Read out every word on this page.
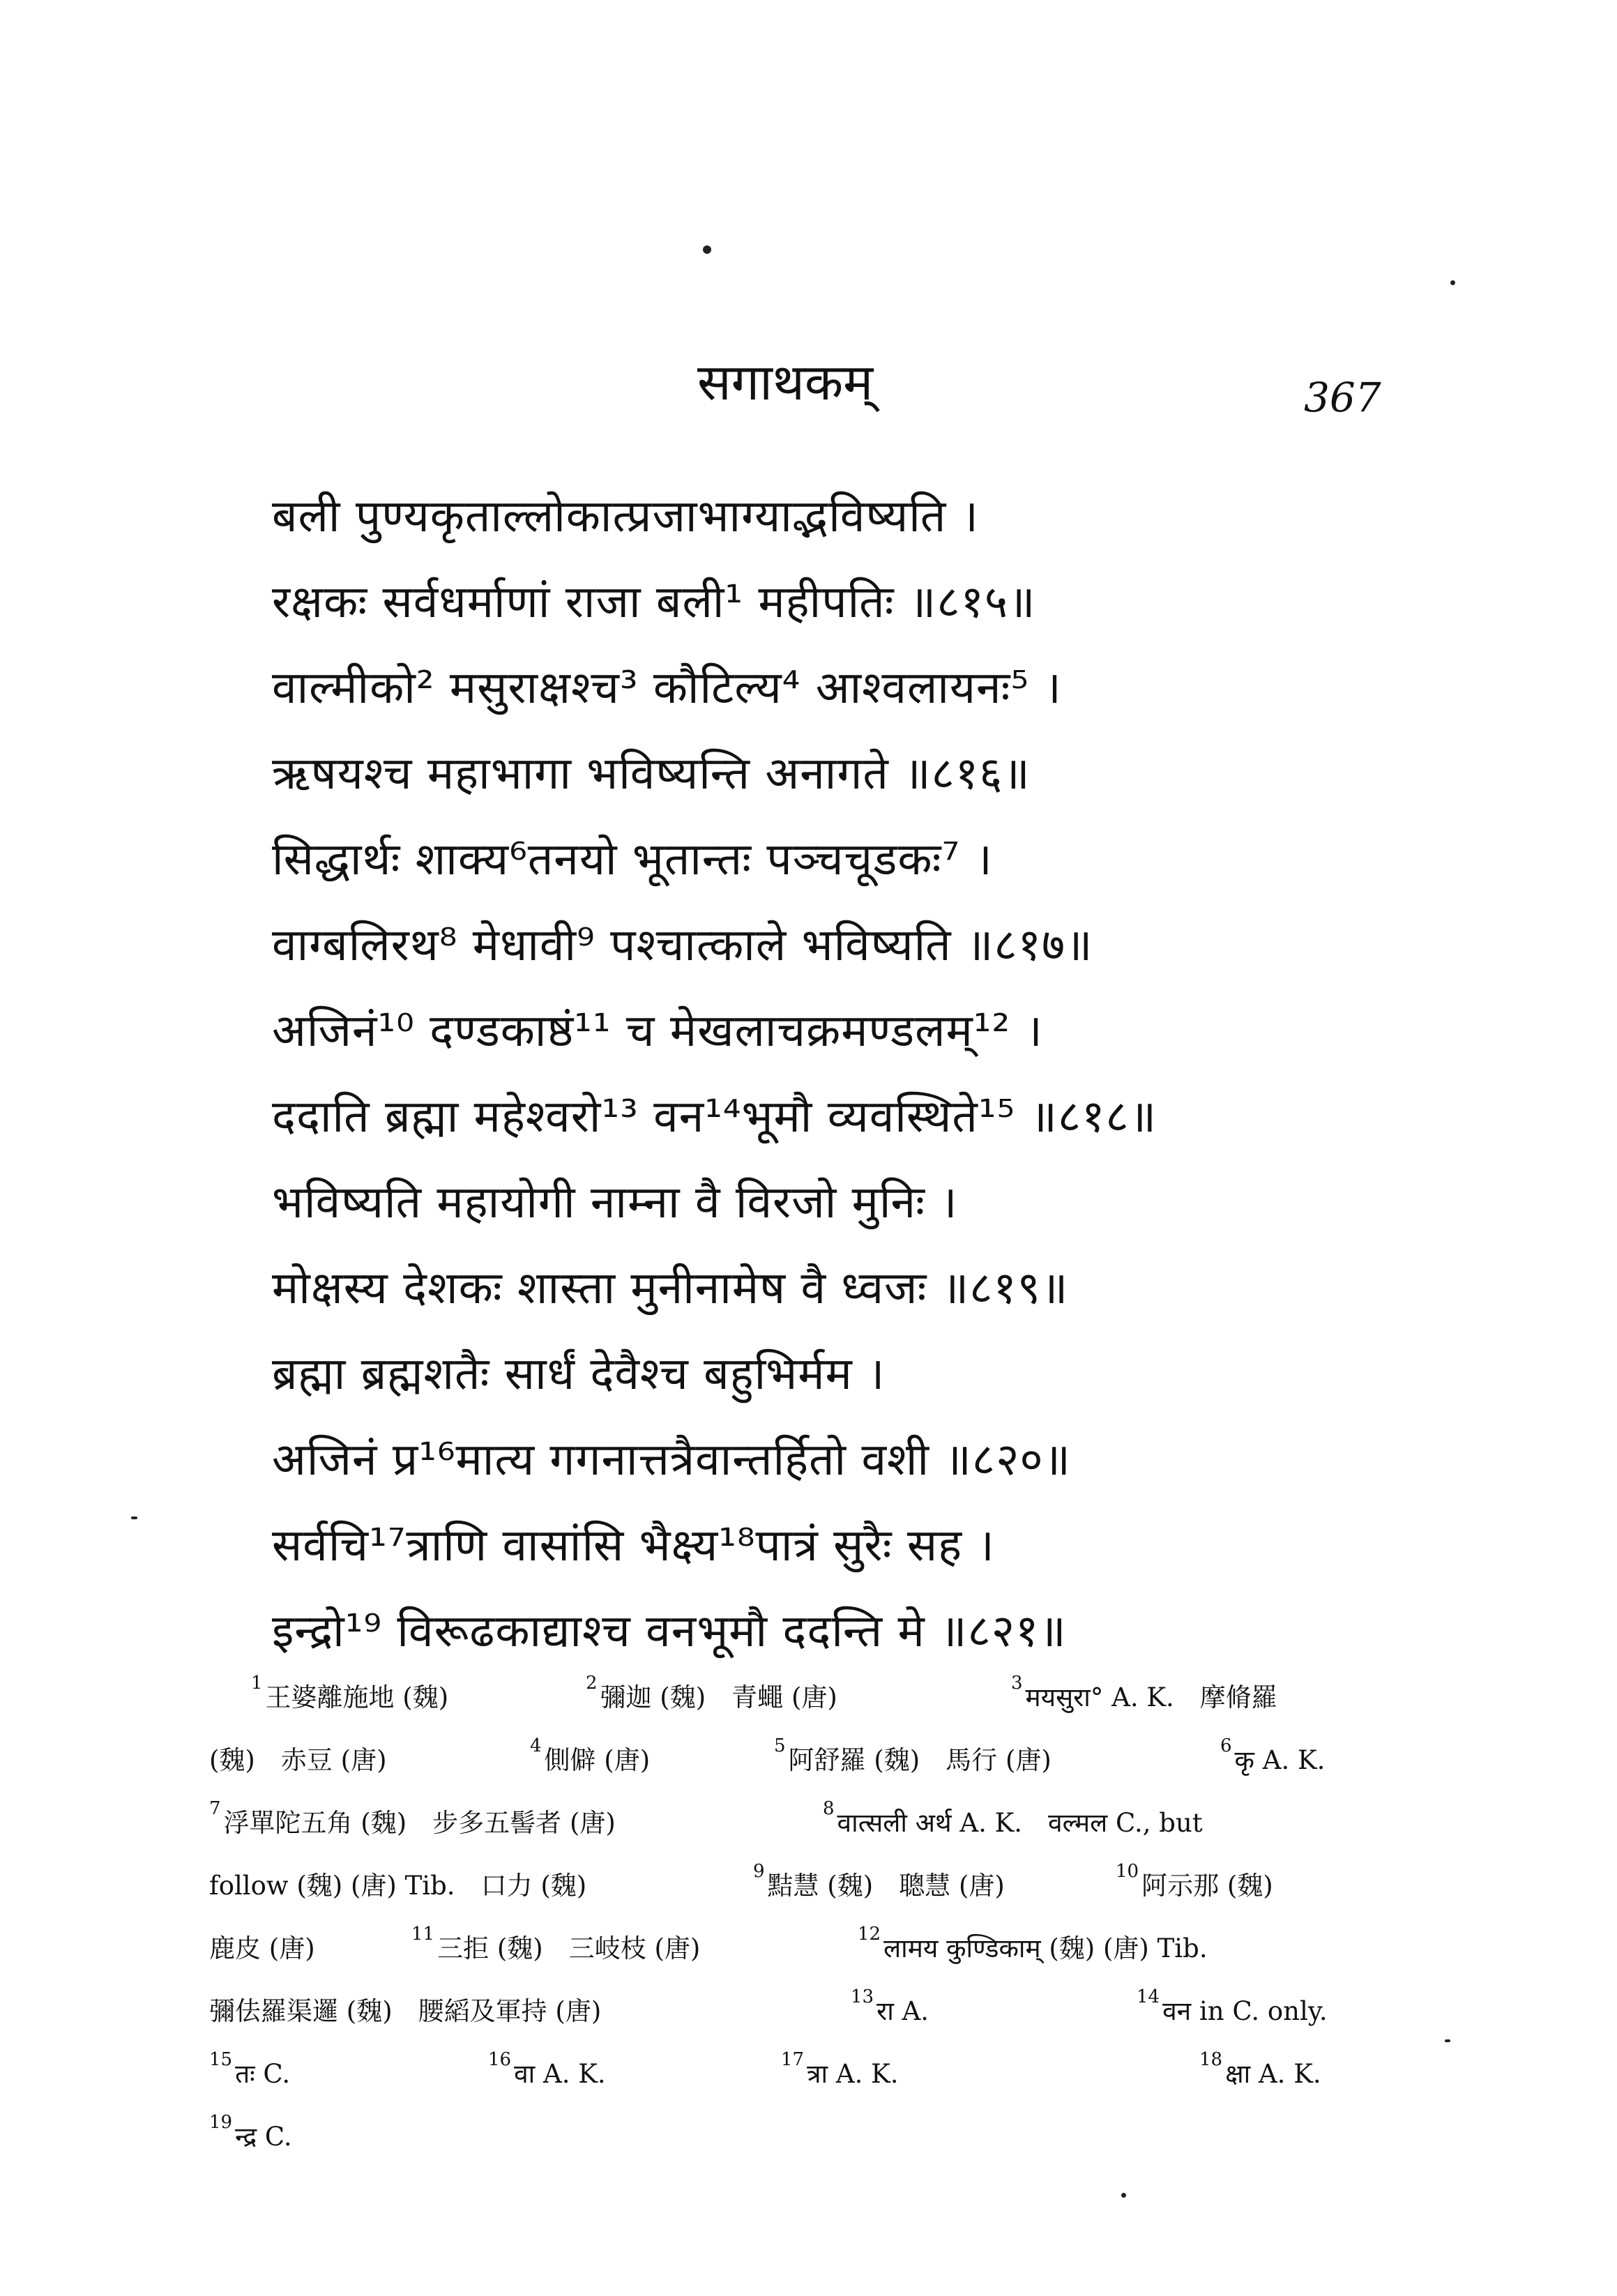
सगाथकम्	367
बली पुण्यकृताल्लोकात्प्रजाभाग्याद्भविष्यति ।
रक्षकः सर्वधर्माणां राजा बली¹ महीपतिः ॥८१५॥
वाल्मीको² मसुराक्षश्च³ कौटिल्य⁴ आश्वलायनः⁵ ।
ऋषयश्च महाभागा भविष्यन्ति अनागते ॥८१६॥
सिद्धार्थः शाक्य⁶तनयो भूतान्तः पञ्चचूडकः⁷ ।
वाग्बलिरथ⁸ मेधावी⁹ पश्चात्काले भविष्यति ॥८१७॥
अजिनं¹⁰ दण्डकाष्ठं¹¹ च मेखलाचक्रमण्डलम्¹² ।
ददाति ब्रह्मा महेश्वरो¹³ वन¹⁴भूमौ व्यवस्थिते¹⁵ ॥८१८॥
भविष्यति महायोगी नाम्ना वै विरजो मुनिः ।
मोक्षस्य देशकः शास्ता मुनीनामेष वै ध्वजः ॥८१९॥
ब्रह्मा ब्रह्मशतैः सार्धं देवैश्च बहुभिर्मम ।
अजिनं प्र¹⁶मात्य गगनात्तत्रैवान्तर्हितो वशी ॥८२०॥
सर्वचि¹⁷त्राणि वासांसि भैक्ष्य¹⁸पात्रं सुरैः सह ।
इन्द्रो¹⁹ विरूढकाद्याश्च वनभूमौ ददन्ति मे ॥८२१॥
$^1$ 王婆離施地 (魏)	$^2$ 彌迦 (魏)　青蠅 (唐)	$^3$ मयसुरा° A. K.　摩脩羅
(魏)　赤豆 (唐)	$^4$ 側僻 (唐)	$^5$ 阿舒羅 (魏)　馬行 (唐)	$^6$ कृ A. K.
$^7$ 浮單陀五角 (魏)　步多五髻者 (唐)	$^8$ वात्सली अर्थ A. K.　वल्मल C., but
follow (魏) (唐) Tib.　口力 (魏)	$^9$ 黠慧 (魏)　聰慧 (唐)	$^{10}$ 阿示那 (魏)
鹿皮 (唐)	$^{11}$ 三拒 (魏)　三岐枝 (唐)	$^{12}$ लामय कुण्डिकाम् (魏) (唐) Tib.
彌佉羅渠邏 (魏)　腰縚及軍持 (唐)	$^{13}$ रा A.	$^{14}$ वन in C. only.
$^{15}$ तः C.	$^{16}$ वा A. K.	$^{17}$ त्रा A. K.	$^{18}$ क्षा A. K.
$^{19}$ न्द्र C.
